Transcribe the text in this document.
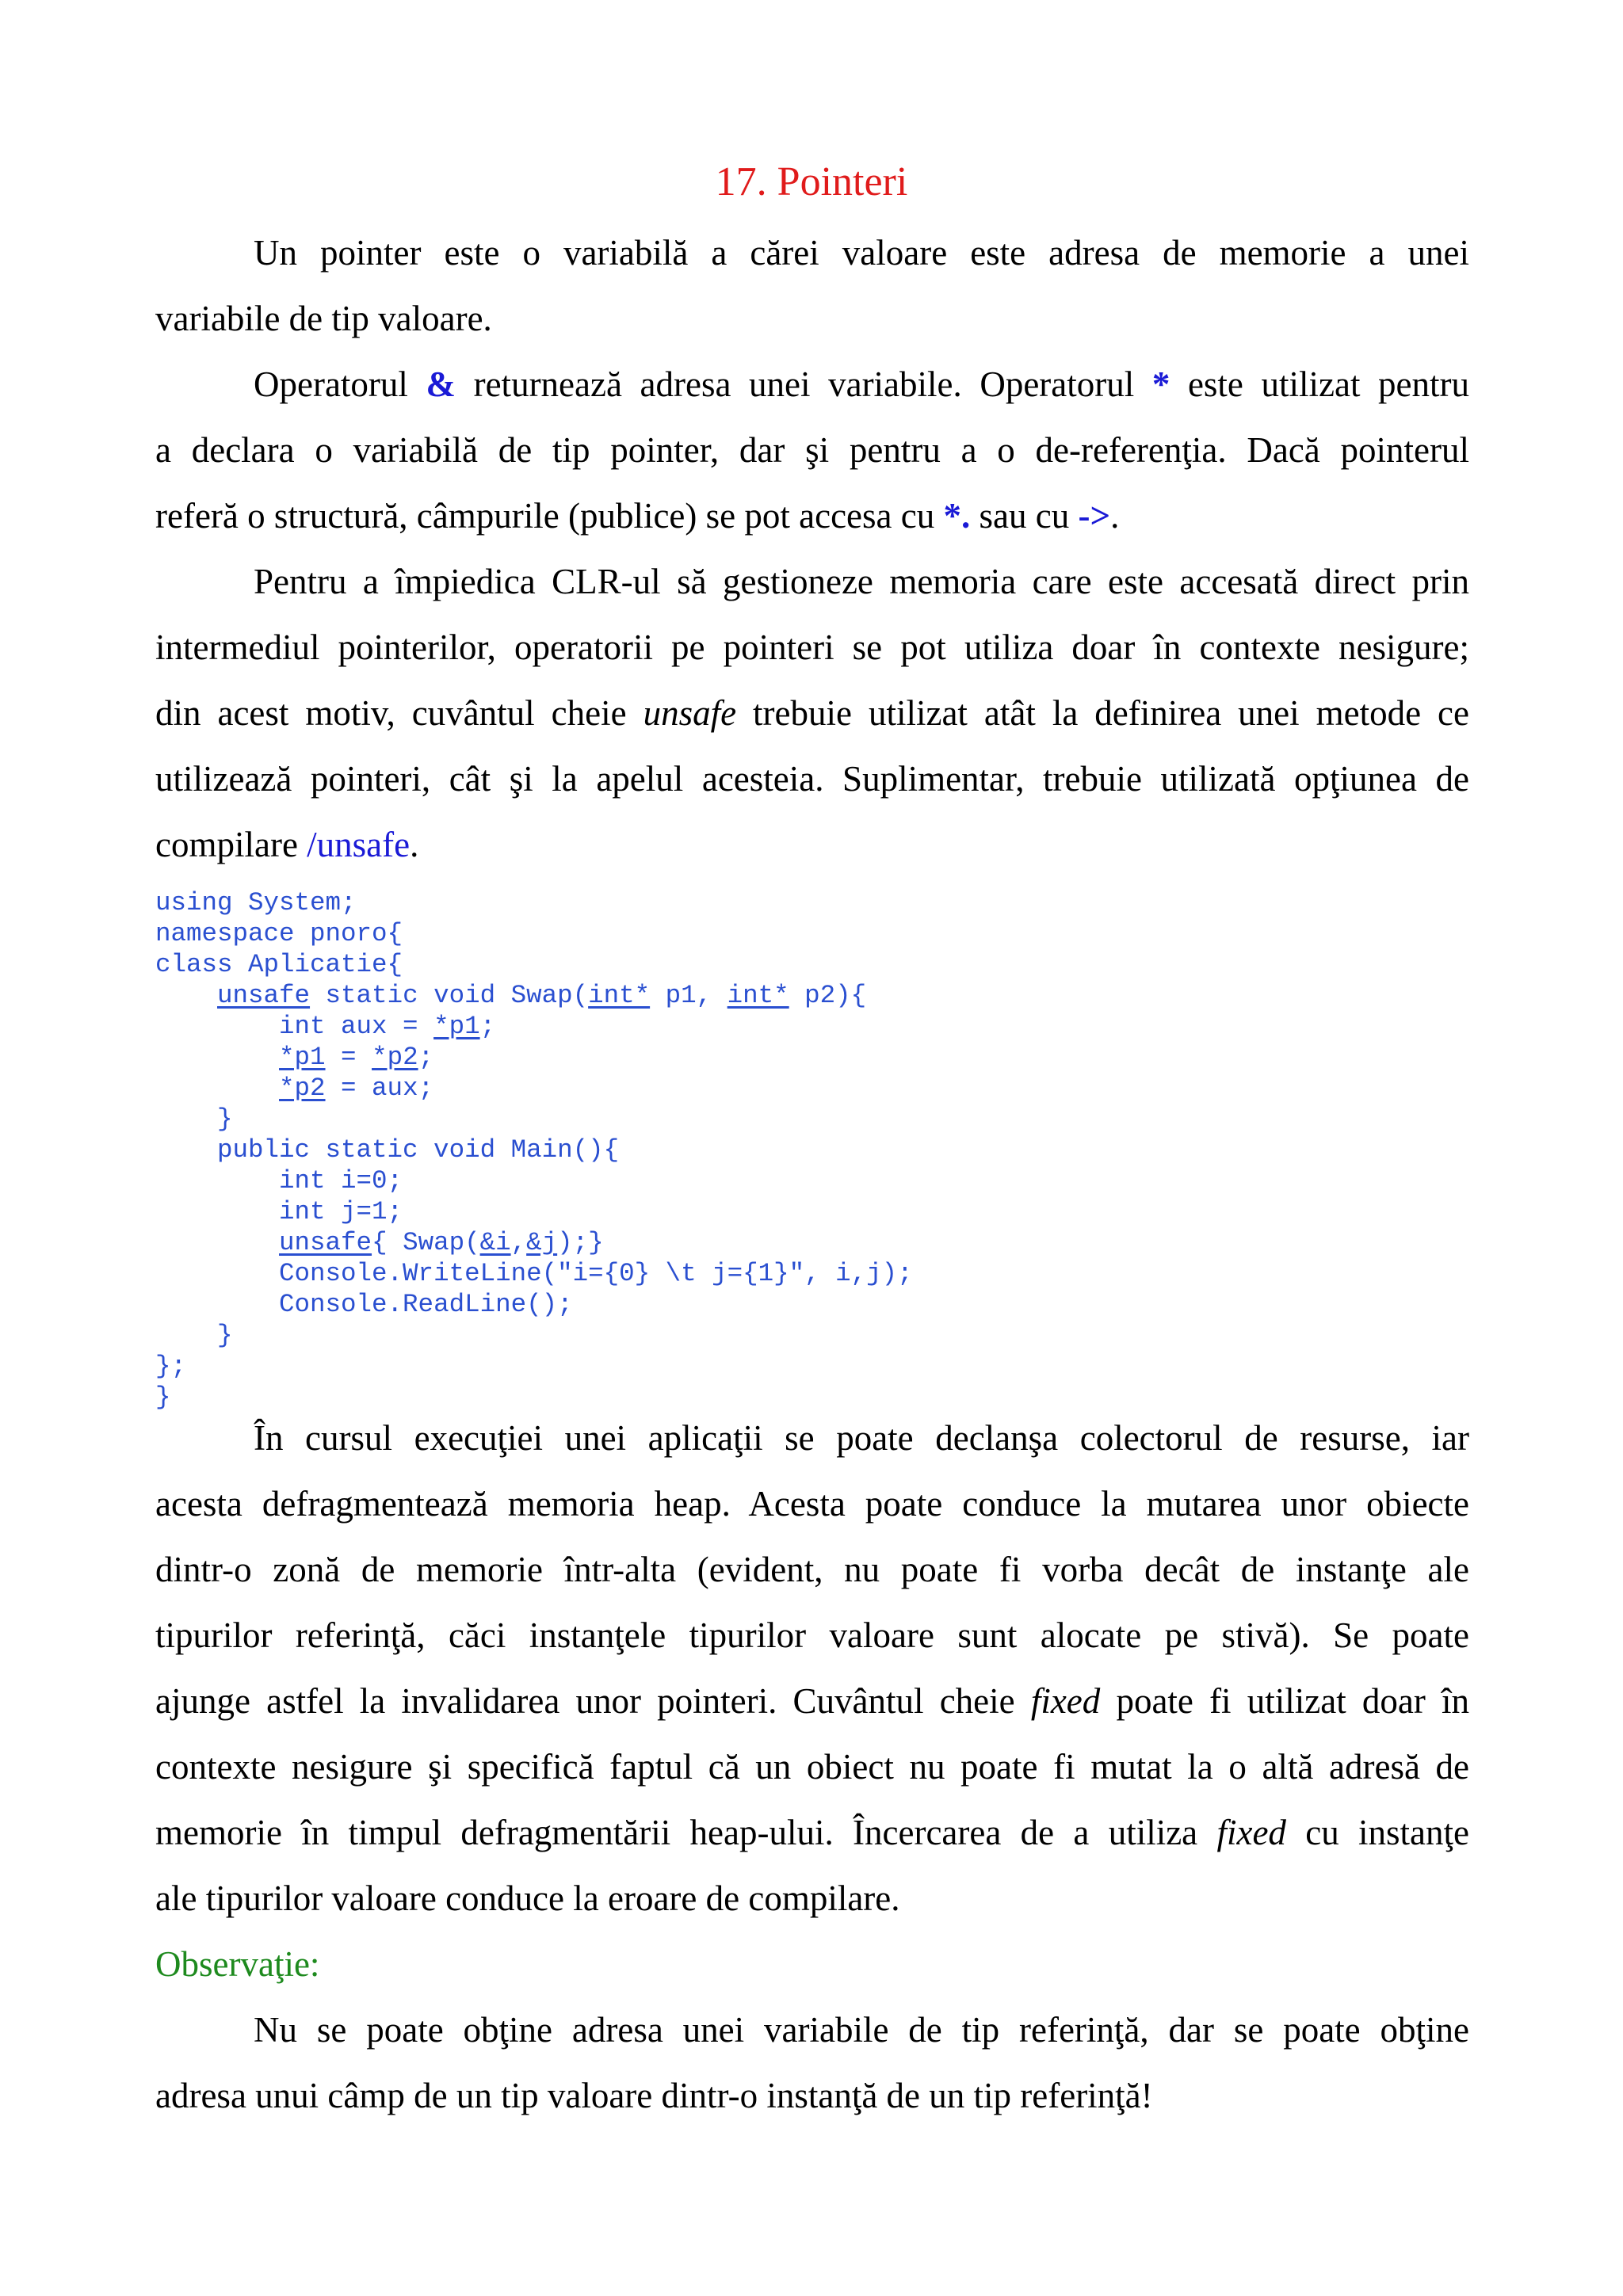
17. Pointeri

Un pointer este o variabilă a cărei valoare este adresa de memorie a unei

variabile de tip valoare.

Operatorul & returnează adresa unei variabile. Operatorul * este utilizat pentru

a declara o variabilă de tip pointer, dar şi pentru a o de-referenţia. Dacă pointerul

referă o structură, câmpurile (publice) se pot accesa cu *. sau cu ->.

Pentru a împiedica CLR-ul să gestioneze memoria care este accesată direct prin

intermediul pointerilor, operatorii pe pointeri se pot utiliza doar în contexte nesigure;

din acest motiv, cuvântul cheie unsafe trebuie utilizat atât la definirea unei metode ce

utilizează pointeri, cât şi la apelul acesteia. Suplimentar, trebuie utilizată opţiunea de

compilare /unsafe.

using System;
namespace pnoro{
class Aplicatie{
unsafe static void Swap(int* p1, int* p2){
int aux = *p1;
*p1 = *p2;
*p2 = aux;
}
public static void Main(){
int i=0;
int j=1;
unsafe{ Swap(&i,&j);}
Console.WriteLine("i={0} \t j={1}", i,j);
Console.ReadLine();
}
};
}

În cursul execuţiei unei aplicaţii se poate declanşa colectorul de resurse, iar

acesta defragmentează memoria heap. Acesta poate conduce la mutarea unor obiecte

dintr-o zonă de memorie într-alta (evident, nu poate fi vorba decât de instanţe ale

tipurilor referinţă, căci instanţele tipurilor valoare sunt alocate pe stivă). Se poate

ajunge astfel la invalidarea unor pointeri. Cuvântul cheie fixed poate fi utilizat doar în

contexte nesigure şi specifică faptul că un obiect nu poate fi mutat la o altă adresă de

memorie în timpul defragmentării heap-ului. Încercarea de a utiliza fixed cu instanţe

ale tipurilor valoare conduce la eroare de compilare.

Observaţie:

Nu se poate obţine adresa unei variabile de tip referinţă, dar se poate obţine

adresa unui câmp de un tip valoare dintr-o instanţă de un tip referinţă!
